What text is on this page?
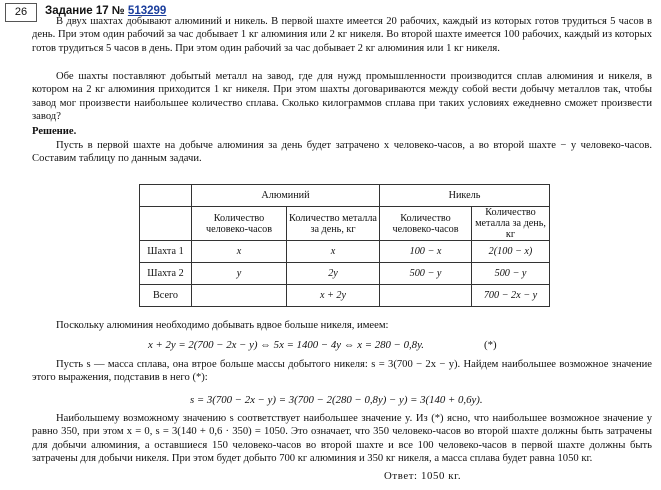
26	Задание 17 № 513299

В двух шахтах добывают алюминий и никель. В первой шахте имеется 20 рабочих, каждый из которых готов трудиться 5 часов в день. При этом один рабочий за час добывает 1 кг алюминия или 2 кг никеля. Во второй шахте имеется 100 рабочих, каждый из которых готов трудиться 5 часов в день. При этом один рабочий за час добывает 2 кг алюминия или 1 кг никеля.

Обе шахты поставляют добытый металл на завод, где для нужд промышленности производится сплав алюминия и никеля, в котором на 2 кг алюминия приходится 1 кг никеля. При этом шахты договариваются между собой вести добычу металлов так, чтобы завод мог произвести наибольшее количество сплава. Сколько килограммов сплава при таких условиях ежедневно сможет произвести завод?

Решение.

Пусть в первой шахте на добыче алюминия за день будет затрачено x человеко-часов, а во второй шахте − y человеко-часов. Составим таблицу по данным задачи.

	Алюминий		Никель	
	Количество человеко-часов	Количество металла за день, кг	Количество человеко-часов	Количество металла за день, кг
Шахта 1	x	x	100 − x	2(100 − x)
Шахта 2	y	2y	500 − y	500 − y
Всего		x + 2y		700 − 2x − y

Поскольку алюминия необходимо добывать вдвое больше никеля, имеем:

x + 2y = 2(700 − 2x − y) ⇔ 5x = 1400 − 4y ⇔ x = 280 − 0,8y.	(*)

Пусть s — масса сплава, она втрое больше массы добытого никеля: s = 3(700 − 2x − y). Найдем наибольшее возможное значение этого выражения, подставив в него (*):

s = 3(700 − 2x − y) = 3(700 − 2(280 − 0,8y) − y) = 3(140 + 0,6y).

Наибольшему возможному значению s соответствует наибольшее значение y. Из (*) ясно, что наибольшее возможное значение y равно 350, при этом x = 0, s = 3(140 + 0,6 · 350) = 1050. Это означает, что 350 человеко-часов во второй шахте должны быть затрачены для добычи алюминия, а оставшиеся 150 человеко-часов во второй шахте и все 100 человеко-часов в первой шахте должны быть затрачены для добычи никеля. При этом будет добыто 700 кг алюминия и 350 кг никеля, а масса сплава будет равна 1050 кг.

Ответ: 1050 кг.
